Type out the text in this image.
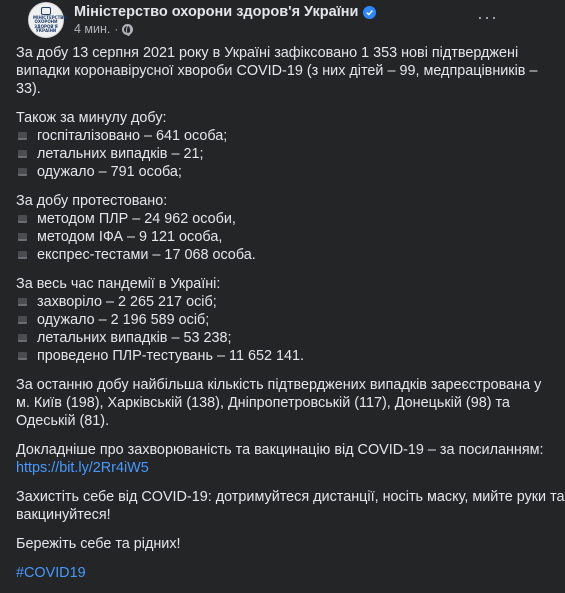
МІНІСТЕРСТВО ОХОРОНИ ЗДОРОВ'Я УКРАЇНИ
Міністерство охорони здоров'я України
4 мин. ·
···
За добу 13 серпня 2021 року в Україні зафіксовано 1 353 нові підтверджені
випадки коронавірусної хвороби COVID-19 (з них дітей – 99, медпрацівників –
33).
Також за минулу добу:
госпіталізовано – 641 особа;
летальних випадків – 21;
одужало – 791 особа;
За добу протестовано:
методом ПЛР – 24 962 особи,
методом ІФА – 9 121 особа,
експрес-тестами – 17 068 особа.
За весь час пандемії в Україні:
захворіло – 2 265 217 осіб;
одужало – 2 196 589 осіб;
летальних випадків – 53 238;
проведено ПЛР-тестувань – 11 652 141.
За останню добу найбільша кількість підтверджених випадків зареєстрована у
м. Київ (198), Харківській (138), Дніпропетровській (117), Донецькій (98) та
Одеській (81).
Докладніше про захворюваність та вакцинацію від COVID-19 – за посиланням:
https://bit.ly/2Rr4iW5
Захистіть себе від COVID-19: дотримуйтеся дистанції, носіть маску, мийте руки та
вакцинуйтеся!
Бережіть себе та рідних!
#COVID19
